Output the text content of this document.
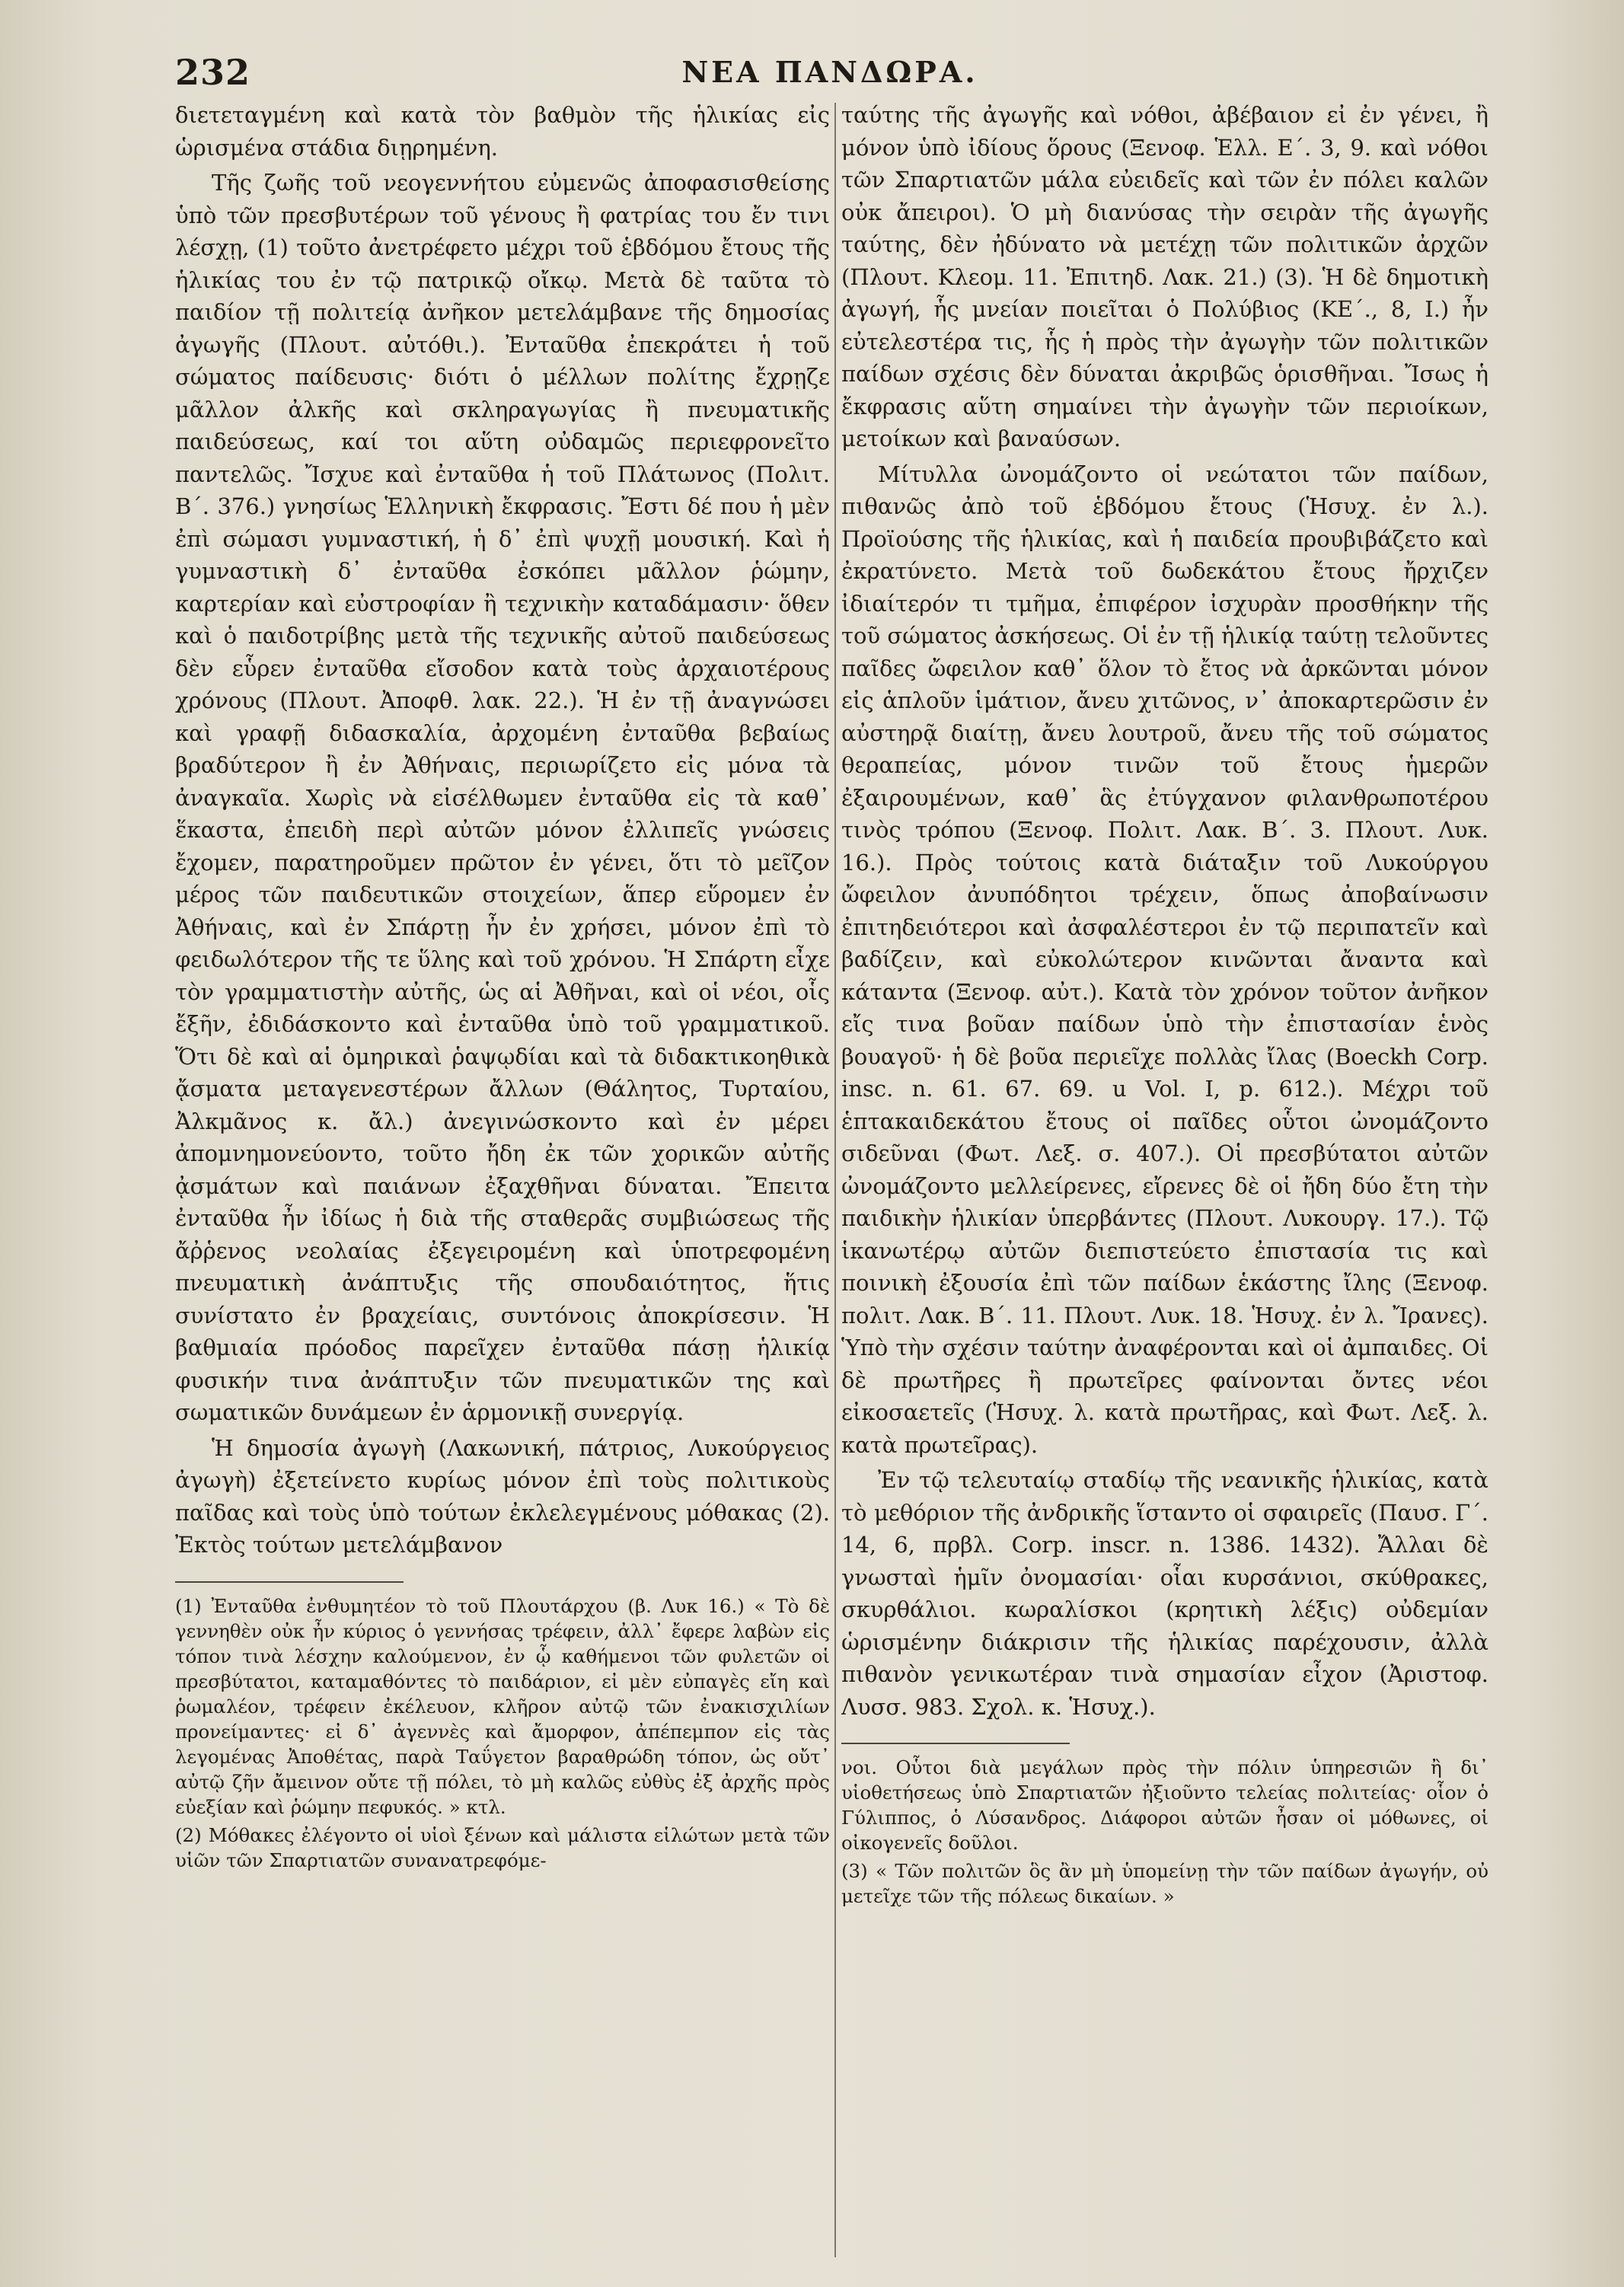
232	ΝΕΑ ΠΑΝΔΩΡΑ.

διετεταγμένη καὶ κατὰ τὸν βαθμὸν τῆς ἡλικίας εἰς ὡρισμένα στάδια διῃρημένη.

Τῆς ζωῆς τοῦ νεογεννήτου εὐμενῶς ἀποφασισθείσης ὑπὸ τῶν πρεσβυτέρων τοῦ γένους ἢ φατρίας του ἔν τινι λέσχῃ, (1) τοῦτο ἀνετρέφετο μέχρι τοῦ ἑβδόμου ἔτους τῆς ἡλικίας του ἐν τῷ πατρικῷ οἴκῳ. Μετὰ δὲ ταῦτα τὸ παιδίον τῇ πολιτείᾳ ἀνῆκον μετελάμβανε τῆς δημοσίας ἀγωγῆς (Πλουτ. αὐτόθι.). Ἐνταῦθα ἐπεκράτει ἡ τοῦ σώματος παίδευσις· διότι ὁ μέλλων πολίτης ἔχρῃζε μᾶλλον ἀλκῆς καὶ σκληραγωγίας ἢ πνευματικῆς παιδεύσεως, καί τοι αὕτη οὐδαμῶς περιεφρονεῖτο παντελῶς. Ἴσχυε καὶ ἐνταῦθα ἡ τοῦ Πλάτωνος (Πολιτ. Β΄. 376.) γνησίως Ἑλληνικὴ ἔκφρασις. Ἔστι δέ που ἡ μὲν ἐπὶ σώμασι γυμναστική, ἡ δ᾽ ἐπὶ ψυχῇ μουσική. Καὶ ἡ γυμναστικὴ δ᾽ ἐνταῦθα ἐσκόπει μᾶλλον ῥώμην, καρτερίαν καὶ εὐστροφίαν ἢ τεχνικὴν καταδάμασιν· ὅθεν καὶ ὁ παιδοτρίβης μετὰ τῆς τεχνικῆς αὐτοῦ παιδεύσεως δὲν εὗρεν ἐνταῦθα εἴσοδον κατὰ τοὺς ἀρχαιοτέρους χρόνους (Πλουτ. Ἀποφθ. λακ. 22.). Ἡ ἐν τῇ ἀναγνώσει καὶ γραφῇ διδασκαλία, ἀρχομένη ἐνταῦθα βεβαίως βραδύτερον ἢ ἐν Ἀθήναις, περιωρίζετο εἰς μόνα τὰ ἀναγκαῖα. Χωρὶς νὰ εἰσέλθωμεν ἐνταῦθα εἰς τὰ καθ᾽ ἕκαστα, ἐπειδὴ περὶ αὐτῶν μόνον ἐλλιπεῖς γνώσεις ἔχομεν, παρατηροῦμεν πρῶτον ἐν γένει, ὅτι τὸ μεῖζον μέρος τῶν παιδευτικῶν στοιχείων, ἅπερ εὕρομεν ἐν Ἀθήναις, καὶ ἐν Σπάρτῃ ἦν ἐν χρήσει, μόνον ἐπὶ τὸ φειδωλότερον τῆς τε ὕλης καὶ τοῦ χρόνου. Ἡ Σπάρτη εἶχε τὸν γραμματιστὴν αὐτῆς, ὡς αἱ Ἀθῆναι, καὶ οἱ νέοι, οἷς ἔξῆν, ἐδιδάσκοντο καὶ ἐνταῦθα ὑπὸ τοῦ γραμματικοῦ. Ὅτι δὲ καὶ αἱ ὁμηρικαὶ ῥαψῳδίαι καὶ τὰ διδακτικοηθικὰ ᾄσματα μεταγενεστέρων ἄλλων (Θάλητος, Τυρταίου, Ἀλκμᾶνος κ. ἄλ.) ἀνεγινώσκοντο καὶ ἐν μέρει ἀπομνημονεύοντο, τοῦτο ἤδη ἐκ τῶν χορικῶν αὐτῆς ᾀσμάτων καὶ παιάνων ἐξαχθῆναι δύναται. Ἔπειτα ἐνταῦθα ἦν ἰδίως ἡ διὰ τῆς σταθερᾶς συμβιώσεως τῆς ἄῤῥενος νεολαίας ἐξεγειρομένη καὶ ὑποτρεφομένη πνευματικὴ ἀνάπτυξις τῆς σπουδαιότητος, ἥτις συνίστατο ἐν βραχείαις, συντόνοις ἀποκρίσεσιν. Ἡ βαθμιαία πρόοδος παρεῖχεν ἐνταῦθα πάσῃ ἡλικίᾳ φυσικήν τινα ἀνάπτυξιν τῶν πνευματικῶν της καὶ σωματικῶν δυνάμεων ἐν ἁρμονικῇ συνεργίᾳ.

Ἡ δημοσία ἀγωγὴ (Λακωνική, πάτριος, Λυκούργειος ἀγωγὴ) ἐξετείνετο κυρίως μόνον ἐπὶ τοὺς πολιτικοὺς παῖδας καὶ τοὺς ὑπὸ τούτων ἐκλελεγμένους μόθακας (2). Ἐκτὸς τούτων μετελάμβανον

(1) Ἐνταῦθα ἐνθυμητέον τὸ τοῦ Πλουτάρχου (β. Λυκ 16.) « Τὸ δὲ γεννηθὲν οὐκ ἦν κύριος ὁ γεννήσας τρέφειν, ἀλλ᾽ ἔφερε λαβὼν εἰς τόπον τινὰ λέσχην καλούμενον, ἐν ᾧ καθήμενοι τῶν φυλετῶν οἱ πρεσβύτατοι, καταμαθόντες τὸ παιδάριον, εἰ μὲν εὐπαγὲς εἴη καὶ ῥωμαλέον, τρέφειν ἐκέλευον, κλῆρον αὐτῷ τῶν ἐνακισχιλίων προνείμαντες· εἰ δ᾽ ἀγεννὲς καὶ ἄμορφον, ἀπέπεμπον εἰς τὰς λεγομένας Ἀποθέτας, παρὰ Ταΰγετον βαραθρώδη τόπον, ὡς οὔτ᾽ αὐτῷ ζῆν ἄμεινον οὔτε τῇ πόλει, τὸ μὴ καλῶς εὐθὺς ἐξ ἀρχῆς πρὸς εὐεξίαν καὶ ῥώμην πεφυκός. » κτλ.

(2) Μόθακες ἐλέγοντο οἱ υἱοὶ ξένων καὶ μάλιστα εἱλώτων μετὰ τῶν υἱῶν τῶν Σπαρτιατῶν συνανατρεφόμε-

ταύτης τῆς ἀγωγῆς καὶ νόθοι, ἀβέβαιον εἰ ἐν γένει, ἢ μόνον ὑπὸ ἰδίους ὅρους (Ξενοφ. Ἑλλ. Ε΄. 3, 9. καὶ νόθοι τῶν Σπαρτιατῶν μάλα εὐειδεῖς καὶ τῶν ἐν πόλει καλῶν οὐκ ἄπειροι). Ὁ μὴ διανύσας τὴν σειρὰν τῆς ἀγωγῆς ταύτης, δὲν ἠδύνατο νὰ μετέχῃ τῶν πολιτικῶν ἀρχῶν (Πλουτ. Κλεομ. 11. Ἐπιτηδ. Λακ. 21.) (3). Ἡ δὲ δημοτικὴ ἀγωγή, ἧς μνείαν ποιεῖται ὁ Πολύβιος (ΚΕ΄., 8, Ι.) ἦν εὐτελεστέρα τις, ἧς ἡ πρὸς τὴν ἀγωγὴν τῶν πολιτικῶν παίδων σχέσις δὲν δύναται ἀκριβῶς ὁρισθῆναι. Ἴσως ἡ ἔκφρασις αὕτη σημαίνει τὴν ἀγωγὴν τῶν περιοίκων, μετοίκων καὶ βαναύσων.

Μίτυλλα ὠνομάζοντο οἱ νεώτατοι τῶν παίδων, πιθανῶς ἀπὸ τοῦ ἑβδόμου ἔτους (Ἡσυχ. ἐν λ.). Προϊούσης τῆς ἡλικίας, καὶ ἡ παιδεία προυβιβάζετο καὶ ἐκρατύνετο. Μετὰ τοῦ δωδεκάτου ἔτους ἤρχιζεν ἰδιαίτερόν τι τμῆμα, ἐπιφέρον ἰσχυρὰν προσθήκην τῆς τοῦ σώματος ἀσκήσεως. Οἱ ἐν τῇ ἡλικίᾳ ταύτῃ τελοῦντες παῖδες ὤφειλον καθ᾽ ὅλον τὸ ἔτος νὰ ἀρκῶνται μόνον εἰς ἁπλοῦν ἱμάτιον, ἄνευ χιτῶνος, ν᾽ ἀποκαρτερῶσιν ἐν αὐστηρᾷ διαίτῃ, ἄνευ λουτροῦ, ἄνευ τῆς τοῦ σώματος θεραπείας, μόνον τινῶν τοῦ ἔτους ἡμερῶν ἐξαιρουμένων, καθ᾽ ἃς ἐτύγχανον φιλανθρωποτέρου τινὸς τρόπου (Ξενοφ. Πολιτ. Λακ. Β΄. 3. Πλουτ. Λυκ. 16.). Πρὸς τούτοις κατὰ διάταξιν τοῦ Λυκούργου ὤφειλον ἀνυπόδητοι τρέχειν, ὅπως ἀποβαίνωσιν ἐπιτηδειότεροι καὶ ἀσφαλέστεροι ἐν τῷ περιπατεῖν καὶ βαδίζειν, καὶ εὐκολώτερον κινῶνται ἄναντα καὶ κάταντα (Ξενοφ. αὐτ.). Κατὰ τὸν χρόνον τοῦτον ἀνῆκον εἴς τινα βοῦαν παίδων ὑπὸ τὴν ἐπιστασίαν ἑνὸς βουαγοῦ· ἡ δὲ βοῦα περιεῖχε πολλὰς ἴλας (Boeckh Corp. insc. n. 61. 67. 69. u Vol. I, p. 612.). Μέχρι τοῦ ἑπτακαιδεκάτου ἔτους οἱ παῖδες οὗτοι ὠνομάζοντο σιδεῦναι (Φωτ. Λεξ. σ. 407.). Οἱ πρεσβύτατοι αὐτῶν ὠνομάζοντο μελλείρενες, εἴρενες δὲ οἱ ἤδη δύο ἔτη τὴν παιδικὴν ἡλικίαν ὑπερβάντες (Πλουτ. Λυκουργ. 17.). Τῷ ἱκανωτέρῳ αὐτῶν διεπιστεύετο ἐπιστασία τις καὶ ποινικὴ ἐξουσία ἐπὶ τῶν παίδων ἑκάστης ἴλης (Ξενοφ. πολιτ. Λακ. Β΄. 11. Πλουτ. Λυκ. 18. Ἡσυχ. ἐν λ. Ἴρανες). Ὑπὸ τὴν σχέσιν ταύτην ἀναφέρονται καὶ οἱ ἀμπαιδες. Οἱ δὲ πρωτῆρες ἢ πρωτεῖρες φαίνονται ὄντες νέοι εἰκοσαετεῖς (Ἡσυχ. λ. κατὰ πρωτῆρας, καὶ Φωτ. Λεξ. λ. κατὰ πρωτεῖρας).

Ἐν τῷ τελευταίῳ σταδίῳ τῆς νεανικῆς ἡλικίας, κατὰ τὸ μεθόριον τῆς ἀνδρικῆς ἵσταντο οἱ σφαιρεῖς (Παυσ. Γ΄. 14, 6, πρβλ. Corp. inscr. n. 1386. 1432). Ἄλλαι δὲ γνωσταὶ ἡμῖν ὀνομασίαι· οἷαι κυρσάνιοι, σκύθρακες, σκυρθάλιοι. κωραλίσκοι (κρητικὴ λέξις) οὐδεμίαν ὡρισμένην διάκρισιν τῆς ἡλικίας παρέχουσιν, ἀλλὰ πιθανὸν γενικωτέραν τινὰ σημασίαν εἶχον (Ἀριστοφ. Λυσσ. 983. Σχολ. κ. Ἡσυχ.).

νοι. Οὗτοι διὰ μεγάλων πρὸς τὴν πόλιν ὑπηρεσιῶν ἢ δι᾽ υἱοθετήσεως ὑπὸ Σπαρτιατῶν ἠξιοῦντο τελείας πολιτείας· οἷον ὁ Γύλιππος, ὁ Λύσανδρος. Διάφοροι αὐτῶν ἦσαν οἱ μόθωνες, οἱ οἰκογενεῖς δοῦλοι.

(3) « Τῶν πολιτῶν ὃς ἂν μὴ ὑπομείνῃ τὴν τῶν παίδων ἀγωγήν, οὐ μετεῖχε τῶν τῆς πόλεως δικαίων. »
